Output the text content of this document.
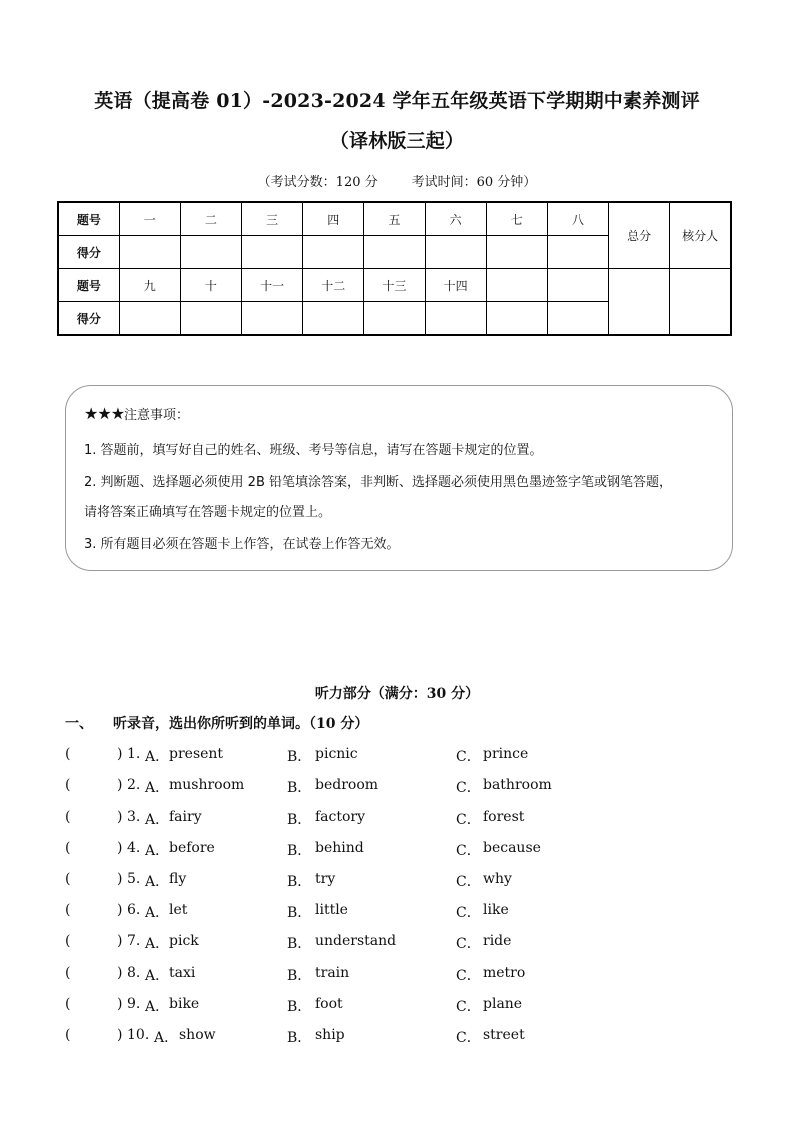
英语（提高卷 01）-2023-2024 学年五年级英语下学期期中素养测评
（译林版三起）
（考试分数：120 分	考试时间：60 分钟）
题号	一	二	三	四	五	六	七	八	总分	核分人
得分										
题号	九	十	十一	十二	十三	十四				
得分										
★★★注意事项：
1. 答题前，填写好自己的姓名、班级、考号等信息，请写在答题卡规定的位置。
2. 判断题、选择题必须使用 2B 铅笔填涂答案，非判断、选择题必须使用黑色墨迹签字笔或钢笔答题，
请将答案正确填写在答题卡规定的位置上。
3. 所有题目必须在答题卡上作答，在试卷上作答无效。
听力部分（满分：30 分）
一、 听录音，选出你所听到的单词。（10 分）
(	) 1. A． present	B． picnic	C． prince
(	) 2. A． mushroom	B． bedroom	C． bathroom
(	) 3. A． fairy	B． factory	C． forest
(	) 4. A． before	B． behind	C． because
(	) 5. A． fly	B． try	C． why
(	) 6. A． let	B． little	C． like
(	) 7. A． pick	B． understand	C． ride
(	) 8. A． taxi	B． train	C． metro
(	) 9. A． bike	B． foot	C． plane
(	) 10. A． show	B． ship	C． street
